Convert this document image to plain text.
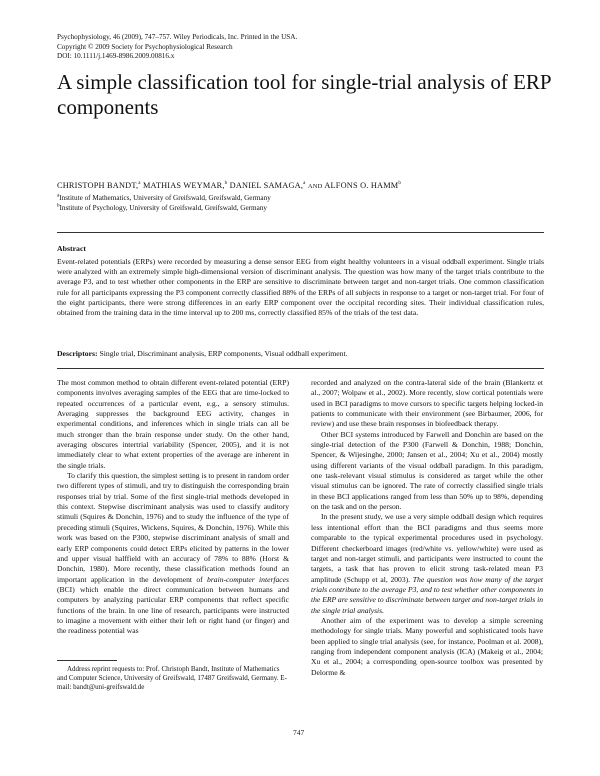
Psychophysiology, 46 (2009), 747–757. Wiley Periodicals, Inc. Printed in the USA.
Copyright © 2009 Society for Psychophysiological Research
DOI: 10.1111/j.1469-8986.2009.00816.x
A simple classification tool for single-trial analysis of ERP components
CHRISTOPH BANDT,$^a$ MATHIAS WEYMAR,$^b$ DANIEL SAMAGA,$^a$ AND ALFONS O. HAMM$^b$
$^a$Institute of Mathematics, University of Greifswald, Greifswald, Germany
$^b$Institute of Psychology, University of Greifswald, Greifswald, Germany
Abstract
Event-related potentials (ERPs) were recorded by measuring a dense sensor EEG from eight healthy volunteers in a visual oddball experiment. Single trials were analyzed with an extremely simple high-dimensional version of discriminant analysis. The question was how many of the target trials contribute to the average P3, and to test whether other components in the ERP are sensitive to discriminate between target and non-target trials. One common classification rule for all participants expressing the P3 component correctly classified 88% of the ERPs of all subjects in response to a target or non-target trial. For four of the eight participants, there were strong differences in an early ERP component over the occipital recording sites. Their individual classification rules, obtained from the training data in the time interval up to 200 ms, correctly classified 85% of the trials of the test data.
Descriptors: Single trial, Discriminant analysis, ERP components, Visual oddball experiment.

The most common method to obtain different event-related potential (ERP) components involves averaging samples of the EEG that are time-locked to repeated occurrences of a particular event, e.g., a sensory stimulus. Averaging suppresses the background EEG activity, changes in experimental conditions, and inferences which in single trials can all be much stronger than the brain response under study. On the other hand, averaging obscures intertrial variability (Spencer, 2005), and it is not immediately clear to what extent properties of the average are inherent in the single trials.

To clarify this question, the simplest setting is to present in random order two different types of stimuli, and try to distinguish the corresponding brain responses trial by trial. Some of the first single-trial methods developed in this context. Stepwise discriminant analysis was used to classify auditory stimuli (Squires & Donchin, 1976) and to study the influence of the type of preceding stimuli (Squires, Wickens, Squires, & Donchin, 1976). While this work was based on the P300, stepwise discriminant analysis of small and early ERP components could detect ERPs elicited by patterns in the lower and upper visual halffield with an accuracy of 78% to 88% (Horst & Donchin, 1980). More recently, these classification methods found an important application in the development of brain-computer interfaces (BCI) which enable the direct communication between humans and computers by analyzing particular ERP components that reflect specific functions of the brain. In one line of research, participants were instructed to imagine a movement with either their left or right hand (or finger) and the readiness potential was

recorded and analyzed on the contra-lateral side of the brain (Blankertz et al., 2007; Wolpaw et al., 2002). More recently, slow cortical potentials were used in BCI paradigms to move cursors to specific targets helping locked-in patients to communicate with their environment (see Birbaumer, 2006, for review) and use these brain responses in biofeedback therapy.

Other BCI systems introduced by Farwell and Donchin are based on the single-trial detection of the P300 (Farwell & Donchin, 1988; Donchin, Spencer, & Wijesinghe, 2000; Jansen et al., 2004; Xu et al., 2004) mostly using different variants of the visual oddball paradigm. In this paradigm, one task-relevant visual stimulus is considered as target while the other visual stimulus can be ignored. The rate of correctly classified single trials in these BCI applications ranged from less than 50% up to 98%, depending on the task and on the person.

In the present study, we use a very simple oddball design which requires less intentional effort than the BCI paradigms and thus seems more comparable to the typical experimental procedures used in psychology. Different checkerboard images (red/white vs. yellow/white) were used as target and non-target stimuli, and participants were instructed to count the targets, a task that has proven to elicit strong task-related mean P3 amplitude (Schupp et al, 2003). The question was how many of the target trials contribute to the average P3, and to test whether other components in the ERP are sensitive to discriminate between target and non-target trials in the single trial analysis.

Another aim of the experiment was to develop a simple screening methodology for single trials. Many powerful and sophisticated tools have been applied to single trial analysis (see, for instance, Poolman et al. 2008), ranging from independent component analysis (ICA) (Makeig et al., 2004; Xu et al., 2004; a corresponding open-source toolbox was presented by Delorme &

Address reprint requests to: Prof. Christoph Bandt, Institute of Mathematics and Computer Science, University of Greifswald, 17487 Greifswald, Germany. E-mail: bandt@uni-greifswald.de
747
